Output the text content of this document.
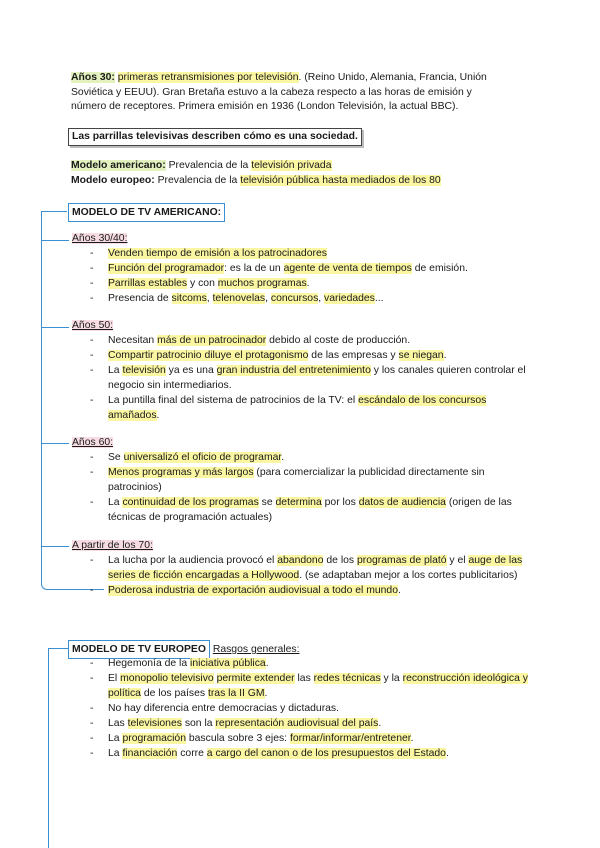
Años 30: primeras retransmisiones por televisión. (Reino Unido, Alemania, Francia, Unión
Soviética y EEUU). Gran Bretaña estuvo a la cabeza respecto a las horas de emisión y
número de receptores. Primera emisión en 1936 (London Televisión, la actual BBC).
Las parrillas televisivas describen cómo es una sociedad.
Modelo americano: Prevalencia de la televisión privada
Modelo europeo: Prevalencia de la televisión pública hasta mediados de los 80
MODELO DE TV AMERICANO:
Años 30/40:
- Venden tiempo de emisión a los patrocinadores
- Función del programador: es la de un agente de venta de tiempos de emisión.
- Parrillas estables y con muchos programas.
- Presencia de sitcoms, telenovelas, concursos, variedades...
Años 50:
- Necesitan más de un patrocinador debido al coste de producción.
- Compartir patrocinio diluye el protagonismo de las empresas y se niegan.
- La televisión ya es una gran industria del entretenimiento y los canales quieren controlar el negocio sin intermediarios.
- La puntilla final del sistema de patrocinios de la TV: el escándalo de los concursos amañados.
Años 60:
- Se universalizó el oficio de programar.
- Menos programas y más largos (para comercializar la publicidad directamente sin patrocinios)
- La continuidad de los programas se determina por los datos de audiencia (origen de las técnicas de programación actuales)
A partir de los 70:
- La lucha por la audiencia provocó el abandono de los programas de plató y el auge de las series de ficción encargadas a Hollywood. (se adaptaban mejor a los cortes publicitarios)
- Poderosa industria de exportación audiovisual a todo el mundo.
MODELO DE TV EUROPEO Rasgos generales:
- Hegemonía de la iniciativa pública.
- El monopolio televisivo permite extender las redes técnicas y la reconstrucción ideológica y política de los países tras la II GM.
- No hay diferencia entre democracias y dictaduras.
- Las televisiones son la representación audiovisual del país.
- La programación bascula sobre 3 ejes: formar/informar/entretener.
- La financiación corre a cargo del canon o de los presupuestos del Estado.
